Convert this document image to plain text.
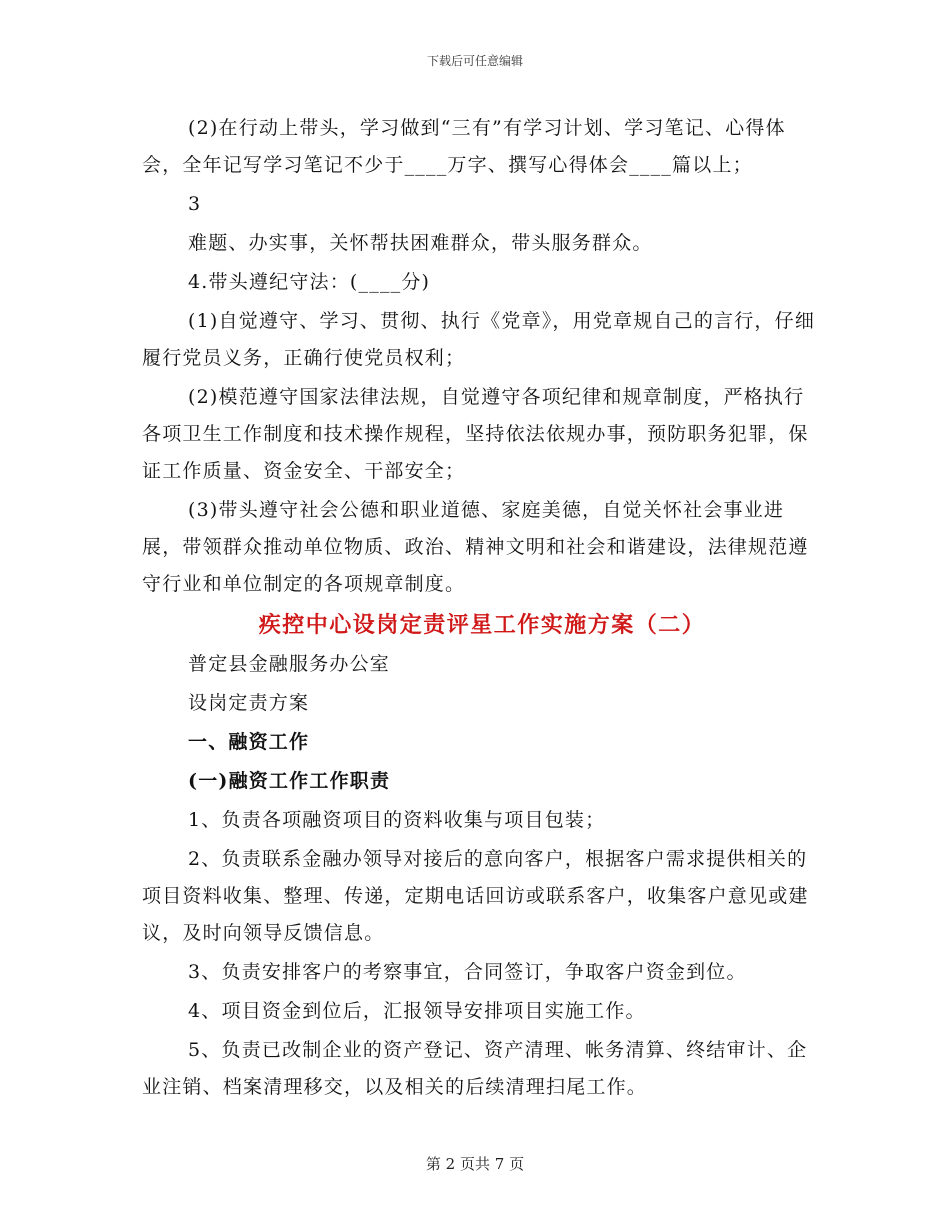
下载后可任意编辑

(2)在行动上带头，学习做到“三有”有学习计划、学习笔记、心得体会，全年记写学习笔记不少于____万字、撰写心得体会____篇以上；

3

难题、办实事，关怀帮扶困难群众，带头服务群众。

4.带头遵纪守法：(____分)

(1)自觉遵守、学习、贯彻、执行《党章》，用党章规自己的言行，仔细履行党员义务，正确行使党员权利；

(2)模范遵守国家法律法规，自觉遵守各项纪律和规章制度，严格执行各项卫生工作制度和技术操作规程，坚持依法依规办事，预防职务犯罪，保证工作质量、资金安全、干部安全；

(3)带头遵守社会公德和职业道德、家庭美德，自觉关怀社会事业进展，带领群众推动单位物质、政治、精神文明和社会和谐建设，法律规范遵守行业和单位制定的各项规章制度。

疾控中心设岗定责评星工作实施方案（二）

普定县金融服务办公室

设岗定责方案

一、融资工作

(一)融资工作工作职责

1、负责各项融资项目的资料收集与项目包装；

2、负责联系金融办领导对接后的意向客户，根据客户需求提供相关的项目资料收集、整理、传递，定期电话回访或联系客户，收集客户意见或建议，及时向领导反馈信息。

3、负责安排客户的考察事宜，合同签订，争取客户资金到位。

4、项目资金到位后，汇报领导安排项目实施工作。

5、负责已改制企业的资产登记、资产清理、帐务清算、终结审计、企业注销、档案清理移交，以及相关的后续清理扫尾工作。

第 2 页共 7 页
